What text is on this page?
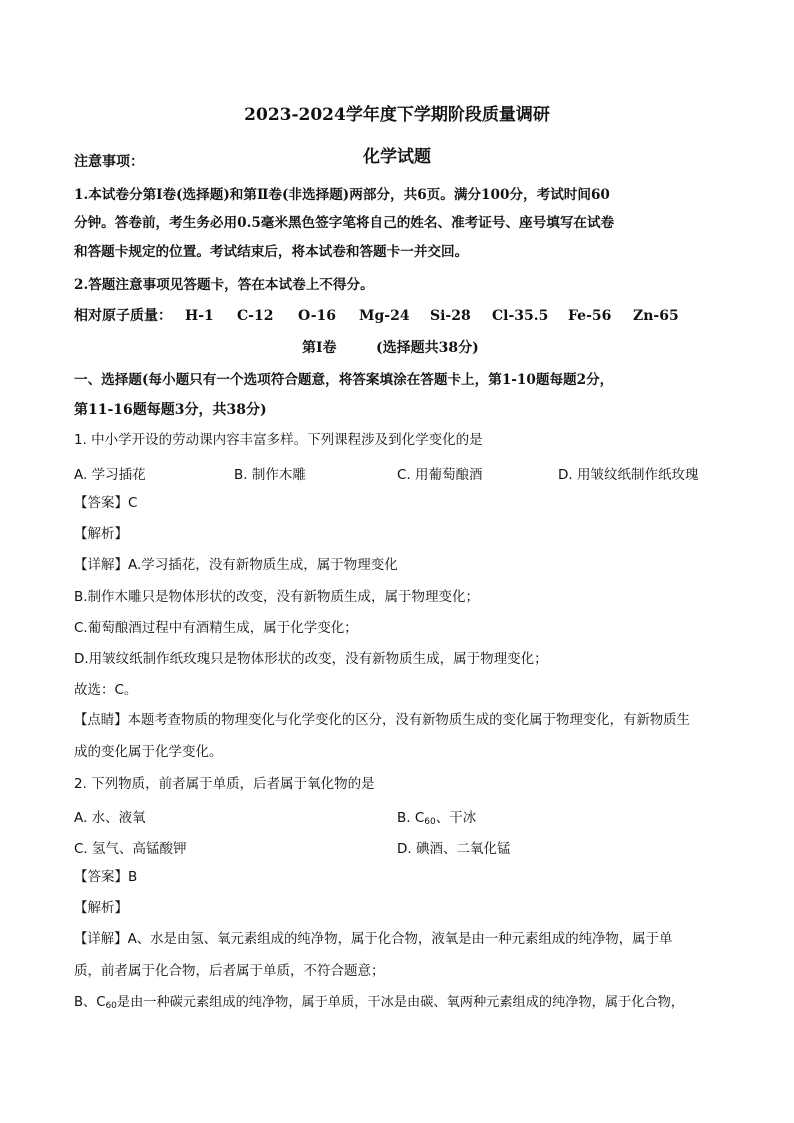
2023-2024学年度下学期阶段质量调研
化学试题
注意事项：
1.本试卷分第Ⅰ卷(选择题)和第Ⅱ卷(非选择题)两部分，共6页。满分100分，考试时间60
分钟。答卷前，考生务必用0.5毫米黑色签字笔将自己的姓名、准考证号、座号填写在试卷
和答题卡规定的位置。考试结束后，将本试卷和答题卡一并交回。
2.答题注意事项见答题卡，答在本试卷上不得分。
相对原子质量： H-1 C-12 O-16 Mg-24 Si-28 Cl-35.5 Fe-56 Zn-65
第Ⅰ卷	(选择题共38分)
一、选择题(每小题只有一个选项符合题意，将答案填涂在答题卡上，第1-10题每题2分，
第11-16题每题3分，共38分)
1. 中小学开设的劳动课内容丰富多样。下列课程涉及到化学变化的是
A. 学习插花	B. 制作木雕	C. 用葡萄酿酒	D. 用皱纹纸制作纸玫瑰
【答案】C
【解析】
【详解】A.学习插花，没有新物质生成，属于物理变化
B.制作木雕只是物体形状的改变，没有新物质生成，属于物理变化；
C.葡萄酿酒过程中有酒精生成，属于化学变化；
D.用皱纹纸制作纸玫瑰只是物体形状的改变，没有新物质生成，属于物理变化；
故选：C。
【点睛】本题考查物质的物理变化与化学变化的区分，没有新物质生成的变化属于物理变化，有新物质生
成的变化属于化学变化。
2. 下列物质，前者属于单质，后者属于氧化物的是
A. 水、液氧	B. $C_{60}$、干冰
C. 氢气、高锰酸钾	D. 碘酒、二氧化锰
【答案】B
【解析】
【详解】A、水是由氢、氧元素组成的纯净物，属于化合物，液氧是由一种元素组成的纯净物，属于单
质，前者属于化合物，后者属于单质，不符合题意；
B、$C_{60}$是由一种碳元素组成的纯净物，属于单质，干冰是由碳、氧两种元素组成的纯净物，属于化合物，
